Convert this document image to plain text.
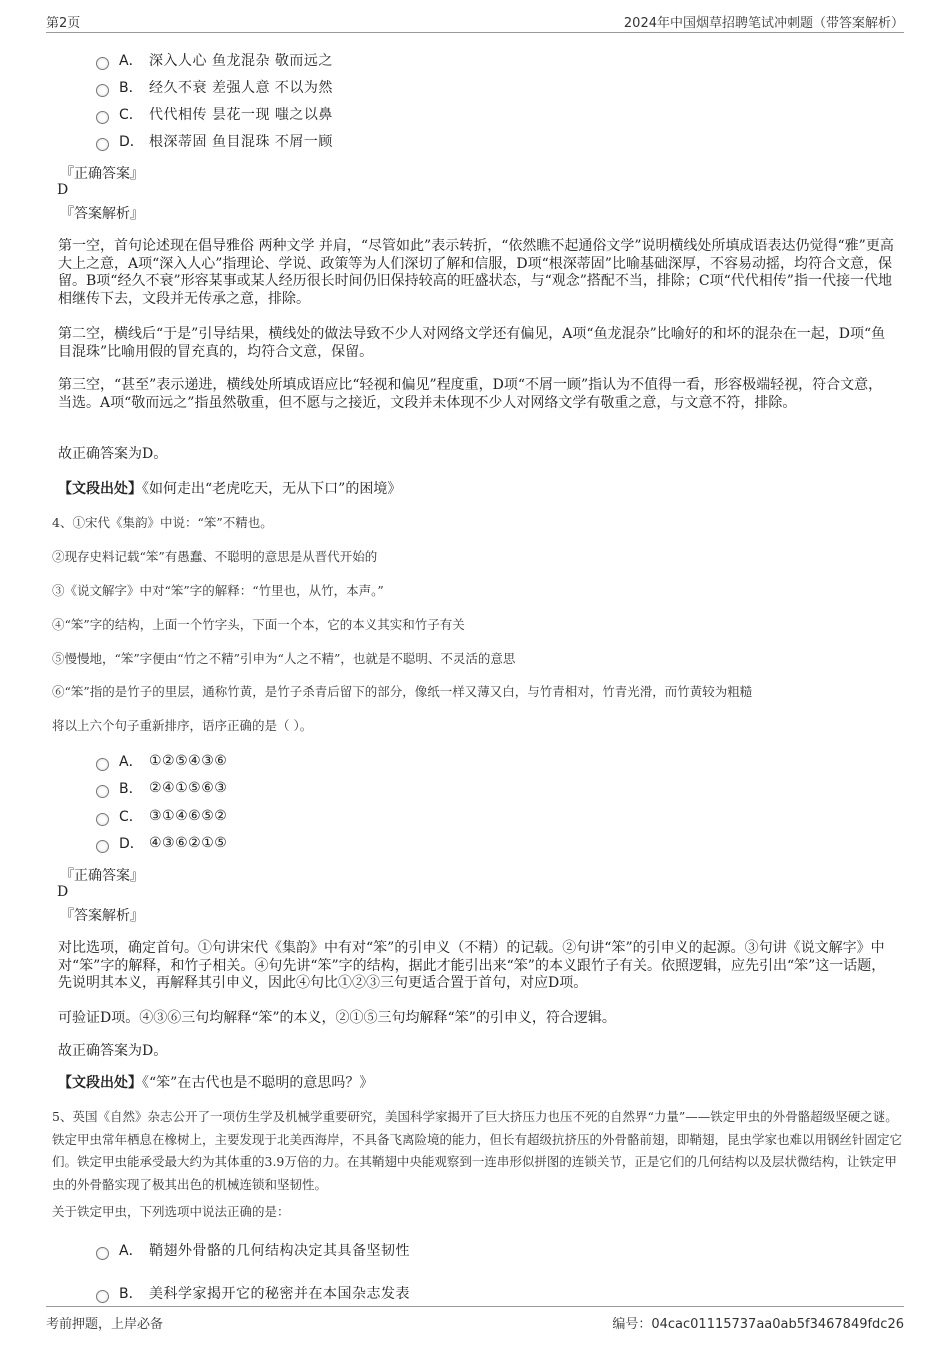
第2页	2024年中国烟草招聘笔试冲刺题（带答案解析）
A． 深入人心 鱼龙混杂 敬而远之
B． 经久不衰 差强人意 不以为然
C． 代代相传 昙花一现 嗤之以鼻
D． 根深蒂固 鱼目混珠 不屑一顾
『正确答案』
D
『答案解析』
第一空，首句论述现在倡导雅俗 两种文学 并肩，“尽管如此”表示转折，“依然瞧不起通俗文学”说明横线处所填成语表达仍觉得“雅”更高大上之意，A项“深入人心”指理论、学说、政策等为人们深切了解和信服，D项“根深蒂固”比喻基础深厚，不容易动摇，均符合文意，保留。B项“经久不衰”形容某事或某人经历很长时间仍旧保持较高的旺盛状态，与“观念”搭配不当，排除；C项“代代相传”指一代接一代地相继传下去，文段并无传承之意，排除。
第二空，横线后“于是”引导结果，横线处的做法导致不少人对网络文学还有偏见，A项“鱼龙混杂”比喻好的和坏的混杂在一起，D项“鱼目混珠”比喻用假的冒充真的，均符合文意，保留。
第三空，“甚至”表示递进，横线处所填成语应比“轻视和偏见”程度重，D项“不屑一顾”指认为不值得一看，形容极端轻视，符合文意，当选。A项“敬而远之”指虽然敬重，但不愿与之接近，文段并未体现不少人对网络文学有敬重之意，与文意不符，排除。
故正确答案为D。
【文段出处】《如何走出“老虎吃天，无从下口”的困境》
4、①宋代《集韵》中说：“笨”不精也。
②现存史料记载“笨”有愚蠢、不聪明的意思是从晋代开始的
③《说文解字》中对“笨”字的解释：“竹里也，从竹，本声。”
④“笨”字的结构，上面一个竹字头，下面一个本，它的本义其实和竹子有关
⑤慢慢地，“笨”字便由“竹之不精”引申为“人之不精”，也就是不聪明、不灵活的意思
⑥“笨”指的是竹子的里层，通称竹黄，是竹子杀青后留下的部分，像纸一样又薄又白，与竹青相对，竹青光滑，而竹黄较为粗糙
将以上六个句子重新排序，语序正确的是（ ）。
A． ①②⑤④③⑥
B． ②④①⑤⑥③
C． ③①④⑥⑤②
D． ④③⑥②①⑤
『正确答案』
D
『答案解析』
对比选项，确定首句。①句讲宋代《集韵》中有对“笨”的引申义（不精）的记载。②句讲“笨”的引申义的起源。③句讲《说文解字》中对“笨”字的解释，和竹子相关。④句先讲“笨”字的结构，据此才能引出来“笨”的本义跟竹子有关。依照逻辑，应先引出“笨”这一话题，先说明其本义，再解释其引申义，因此④句比①②③三句更适合置于首句，对应D项。
可验证D项。④③⑥三句均解释“笨”的本义，②①⑤三句均解释“笨”的引申义，符合逻辑。
故正确答案为D。
【文段出处】《“笨”在古代也是不聪明的意思吗？》
5、英国《自然》杂志公开了一项仿生学及机械学重要研究，美国科学家揭开了巨大挤压力也压不死的自然界“力量”——铁定甲虫的外骨骼超级坚硬之谜。铁定甲虫常年栖息在橡树上，主要发现于北美西海岸，不具备飞离险境的能力，但长有超级抗挤压的外骨骼前翅，即鞘翅，昆虫学家也难以用钢丝针固定它们。铁定甲虫能承受最大约为其体重的3.9万倍的力。在其鞘翅中央能观察到一连串形似拼图的连锁关节，正是它们的几何结构以及层状微结构，让铁定甲虫的外骨骼实现了极其出色的机械连锁和坚韧性。
关于铁定甲虫，下列选项中说法正确的是：
A． 鞘翅外骨骼的几何结构决定其具备坚韧性
B． 美科学家揭开它的秘密并在本国杂志发表
考前押题，上岸必备	编号：04cac01115737aa0ab5f3467849fdc26
